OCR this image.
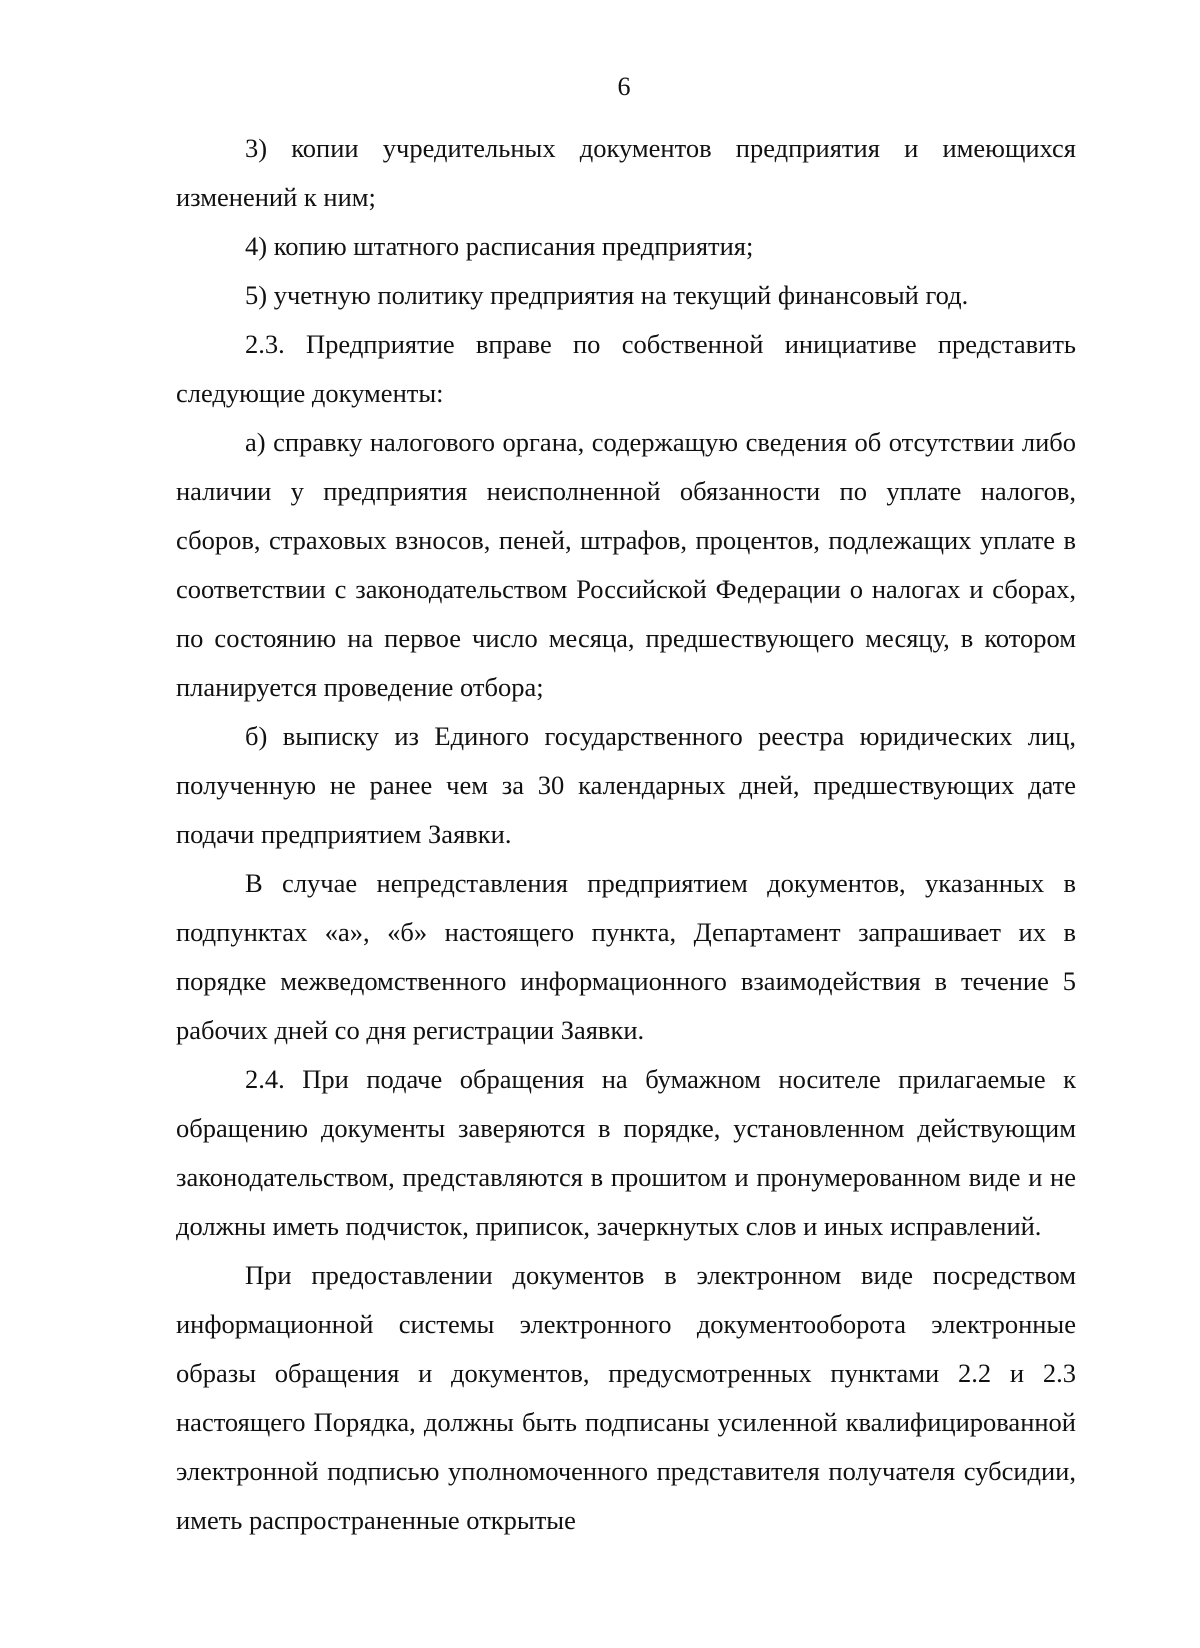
6

3) копии учредительных документов предприятия и имеющихся изменений к ним;

4) копию штатного расписания предприятия;

5) учетную политику предприятия на текущий финансовый год.

2.3. Предприятие вправе по собственной инициативе представить следующие документы:

а) справку налогового органа, содержащую сведения об отсутствии либо наличии у предприятия неисполненной обязанности по уплате налогов, сборов, страховых взносов, пеней, штрафов, процентов, подлежащих уплате в соответствии с законодательством Российской Федерации о налогах и сборах, по состоянию на первое число месяца, предшествующего месяцу, в котором планируется проведение отбора;

б) выписку из Единого государственного реестра юридических лиц, полученную не ранее чем за 30 календарных дней, предшествующих дате подачи предприятием Заявки.

В случае непредставления предприятием документов, указанных в подпунктах «а», «б» настоящего пункта, Департамент запрашивает их в порядке межведомственного информационного взаимодействия в течение 5 рабочих дней со дня регистрации Заявки.

2.4. При подаче обращения на бумажном носителе прилагаемые к обращению документы заверяются в порядке, установленном действующим законодательством, представляются в прошитом и пронумерованном виде и не должны иметь подчисток, приписок, зачеркнутых слов и иных исправлений.

При предоставлении документов в электронном виде посредством информационной системы электронного документооборота электронные образы обращения и документов, предусмотренных пунктами 2.2 и 2.3 настоящего Порядка, должны быть подписаны усиленной квалифицированной электронной подписью уполномоченного представителя получателя субсидии, иметь распространенные открытые
